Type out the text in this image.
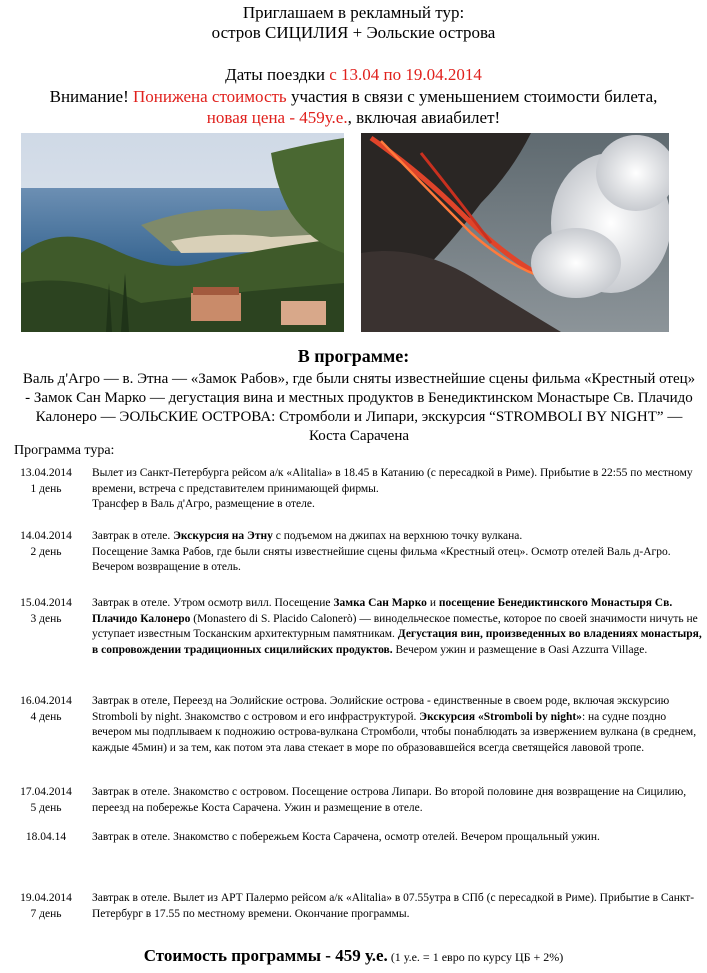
Приглашаем в рекламный тур:
остров СИЦИЛИЯ + Эольские острова
Даты поездки с 13.04 по 19.04.2014
Внимание! Понижена стоимость участия в связи с уменьшением стоимости билета,
новая цена - 459у.е., включая авиабилет!
В программе:
Валь д'Агро — в. Этна — «Замок Рабов», где были сняты известнейшие сцены фильма «Крестный отец» - Замок Сан Марко — дегустация вина и местных продуктов в Бенедиктинском Монастыре Св. Плачидо Калонеро — ЭОЛЬСКИЕ ОСТРОВА: Стромболи и Липари, экскурсия “STROMBOLI BY NIGHT” — Коста Сарачена
Программа тура:
13.04.2014
1 день
Вылет из Санкт-Петербурга рейсом а/к «Alitalia» в 18.45 в Катанию (с пересадкой в Риме). Прибытие в 22:55 по местному времени, встреча с представителем принимающей фирмы.
Трансфер в Валь д'Агро, размещение в отеле.
14.04.2014
2 день
Завтрак в отеле. Экскурсия на Этну с подъемом на джипах на верхнюю точку вулкана.
Посещение Замка Рабов, где были сняты известнейшие сцены фильма «Крестный отец». Осмотр отелей Валь д-Агро. Вечером возвращение в отель.
15.04.2014
3 день
Завтрак в отеле. Утром осмотр вилл. Посещение Замка Сан Марко и посещение Бенедиктинского Монастыря Св. Плачидо Калонеро (Monastero di S. Placido Calonerò) — винодельческое поместье, которое по своей значимости ничуть не уступает известным Тосканским архитектурным памятникам. Дегустация вин, произведенных во владениях монастыря, в сопровождении традиционных сицилийских продуктов. Вечером ужин и размещение в Oasi Azzurra Village.
16.04.2014
4 день
Завтрак в отеле, Переезд на Эолийские острова. Эолийские острова - единственные в своем роде, включая экскурсию Stromboli by night. Знакомство с островом и его инфраструктурой. Экскурсия «Stromboli by night»: на судне поздно вечером мы подплываем к подножию острова-вулкана Стромболи, чтобы понаблюдать за извержением вулкана (в среднем, каждые 45мин) и за тем, как потом эта лава стекает в море по образовавшейся всегда светящейся лавовой тропе.
17.04.2014
5 день
Завтрак в отеле. Знакомство с островом. Посещение острова Липари. Во второй половине дня возвращение на Сицилию, переезд на побережье Коста Сарачена. Ужин и размещение в отеле.
18.04.14	Завтрак в отеле. Знакомство с побережьем Коста Сарачена, осмотр отелей. Вечером прощальный ужин.
19.04.2014
7 день
Завтрак в отеле. Вылет из АРТ Палермо рейсом а/к «Alitalia» в 07.55утра в СПб (с пересадкой в Риме). Прибытие в Санкт-Петербург в 17.55 по местному времени. Окончание программы.
Стоимость программы - 459 у.е. (1 у.е. = 1 евро по курсу ЦБ + 2%)
